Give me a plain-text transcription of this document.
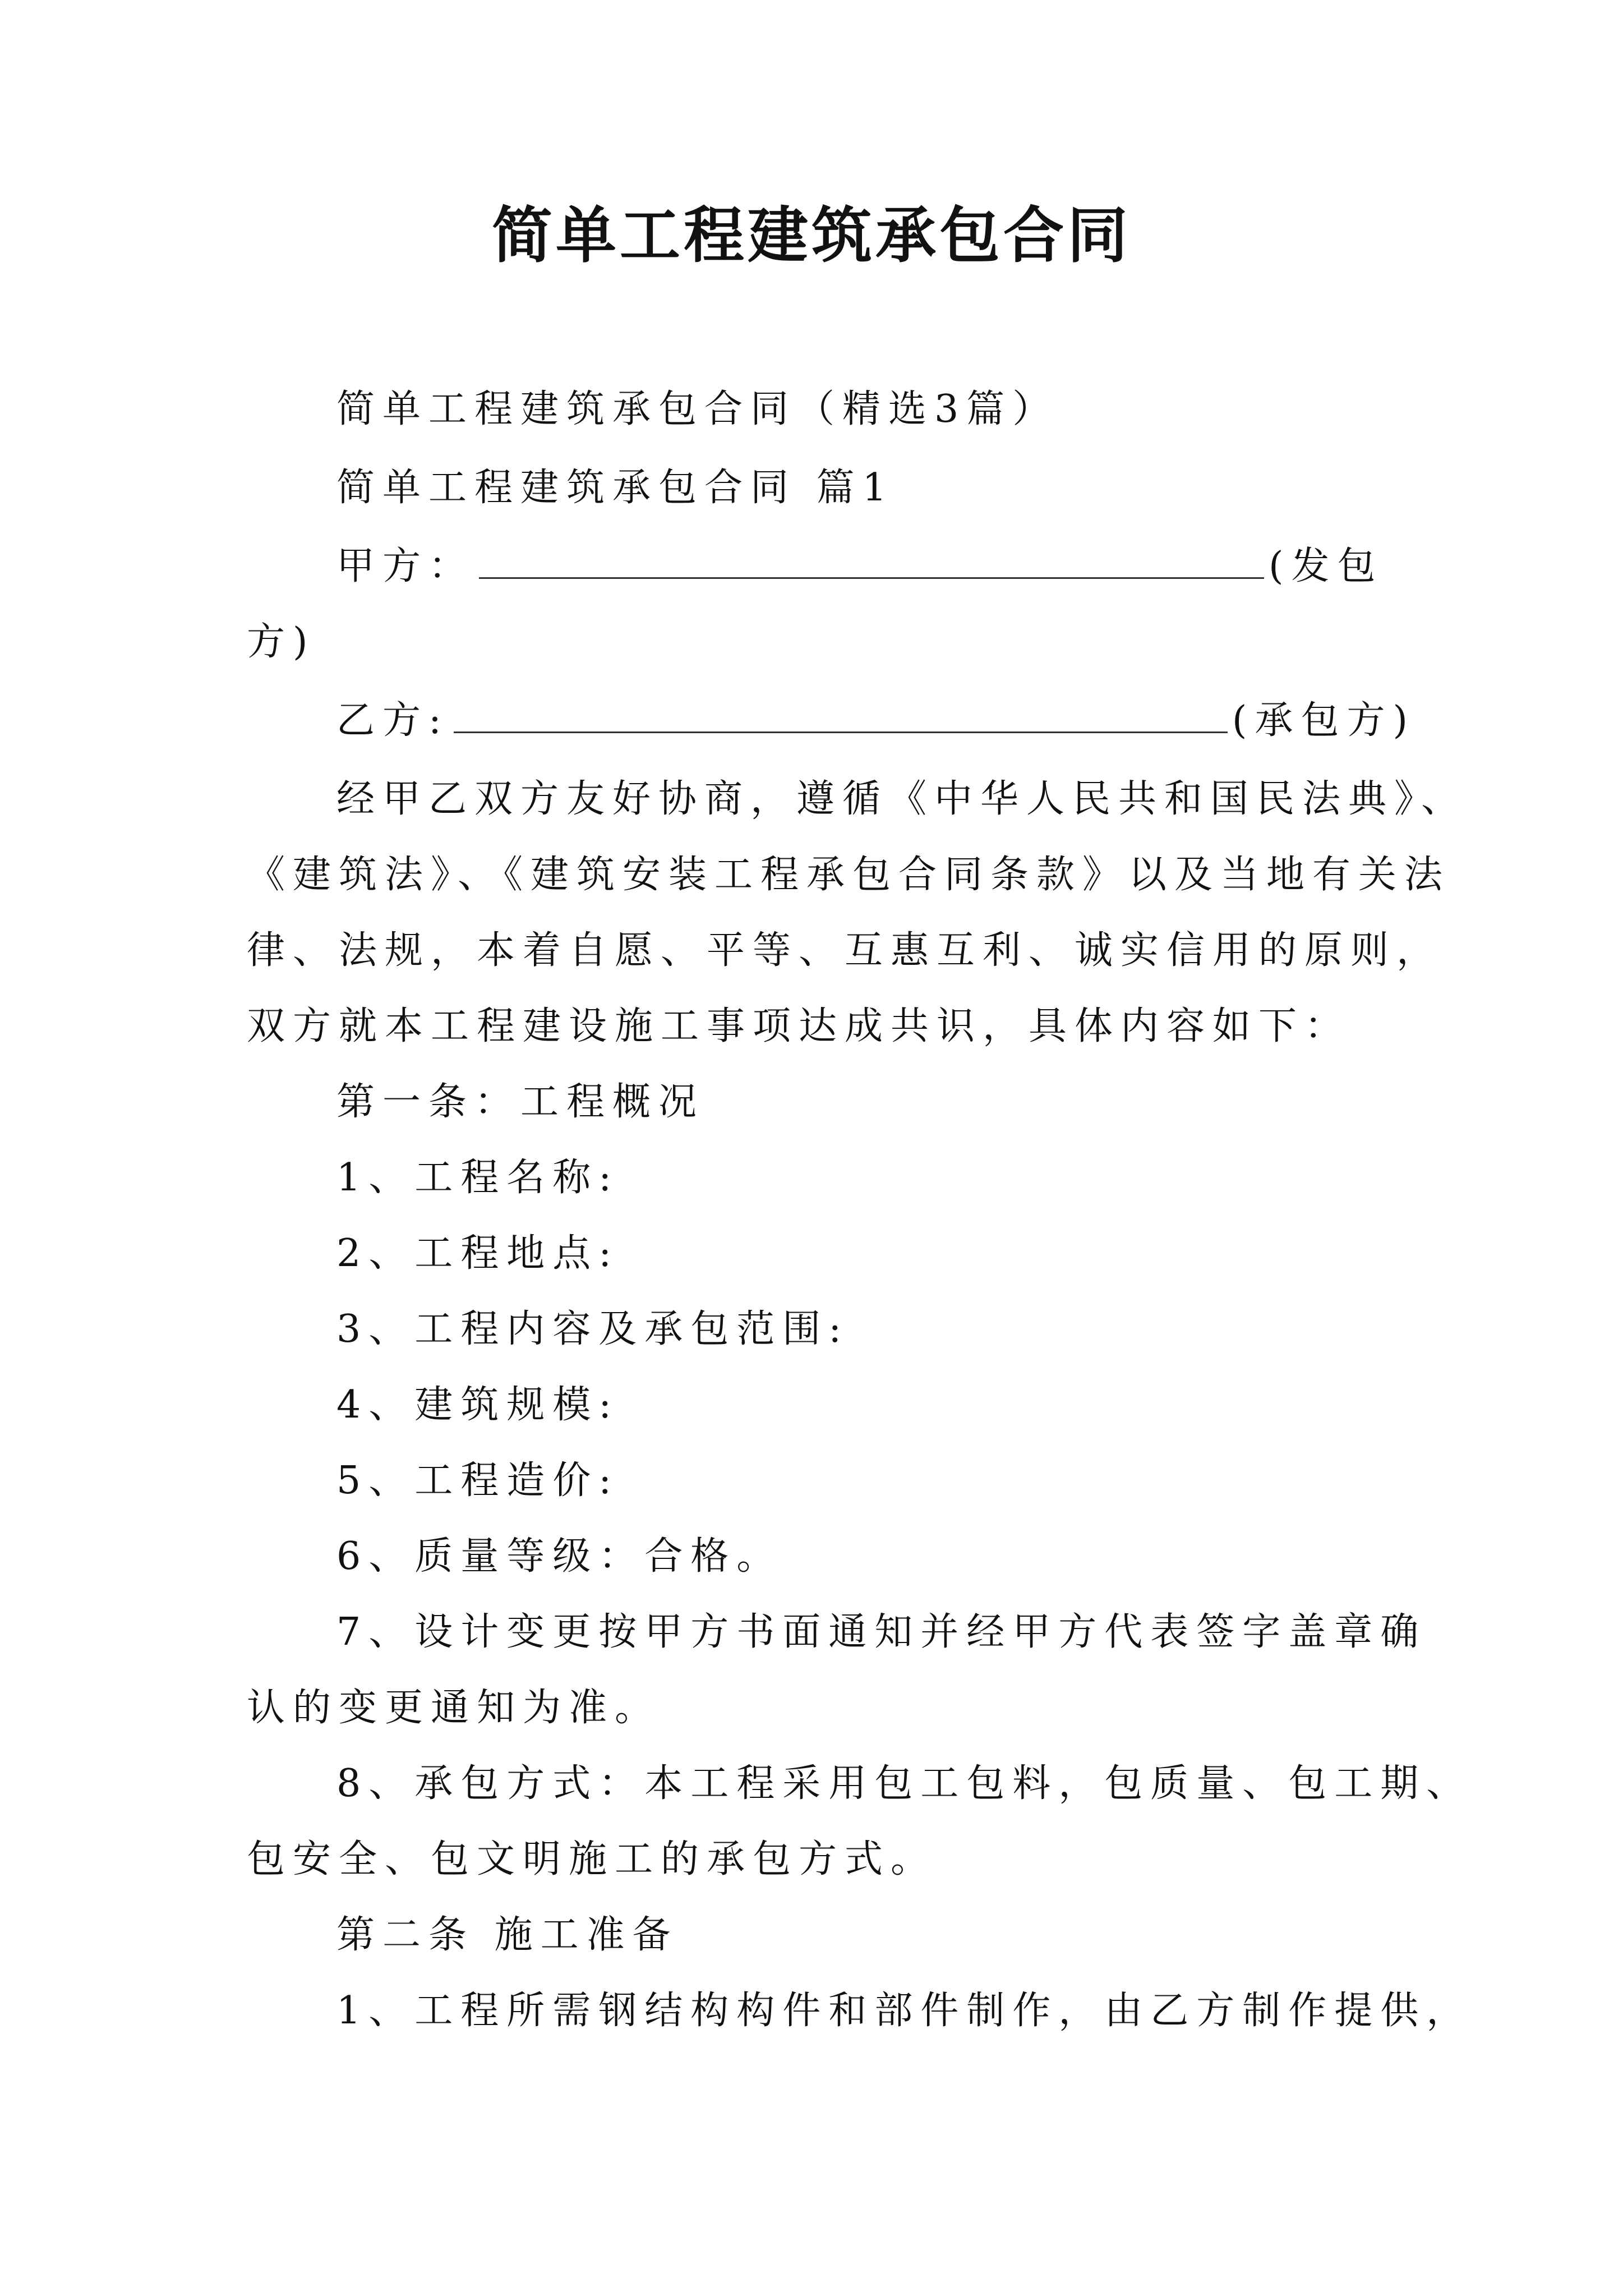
简单工程建筑承包合同
简单工程建筑承包合同（精选3篇）
简单工程建筑承包合同 篇1
甲方：	(发包
方)
乙方:	(承包方)
经甲乙双方友好协商，遵循《中华人民共和国民法典》、
《建筑法》、《建筑安装工程承包合同条款》以及当地有关法
律、法规，本着自愿、平等、互惠互利、诚实信用的原则，
双方就本工程建设施工事项达成共识，具体内容如下：
第一条：工程概况
1、工程名称:
2、工程地点:
3、工程内容及承包范围:
4、建筑规模:
5、工程造价:
6、质量等级：合格。
7、设计变更按甲方书面通知并经甲方代表签字盖章确
认的变更通知为准。
8、承包方式：本工程采用包工包料，包质量、包工期、
包安全、包文明施工的承包方式。
第二条 施工准备
1、工程所需钢结构构件和部件制作，由乙方制作提供，
